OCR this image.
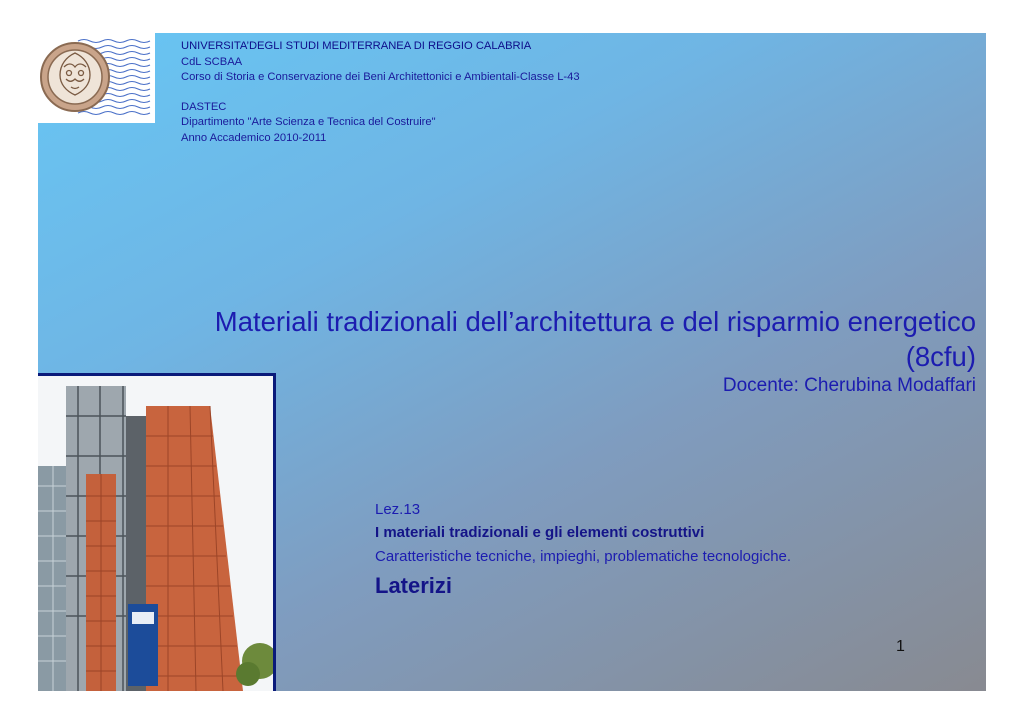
UNIVERSITA’DEGLI STUDI MEDITERRANEA DI REGGIO CALABRIA
CdL SCBAA
Corso di Storia e Conservazione dei Beni Architettonici e Ambientali-Classe L-43
DASTEC
Dipartimento "Arte Scienza e Tecnica del Costruire"
Anno Accademico 2010-2011
Materiali tradizionali dell’architettura e del risparmio energetico
(8cfu)
Docente: Cherubina Modaffari
Lez.13
I materiali tradizionali e gli elementi costruttivi
Caratteristiche tecniche, impieghi, problematiche tecnologiche.
Laterizi
1
